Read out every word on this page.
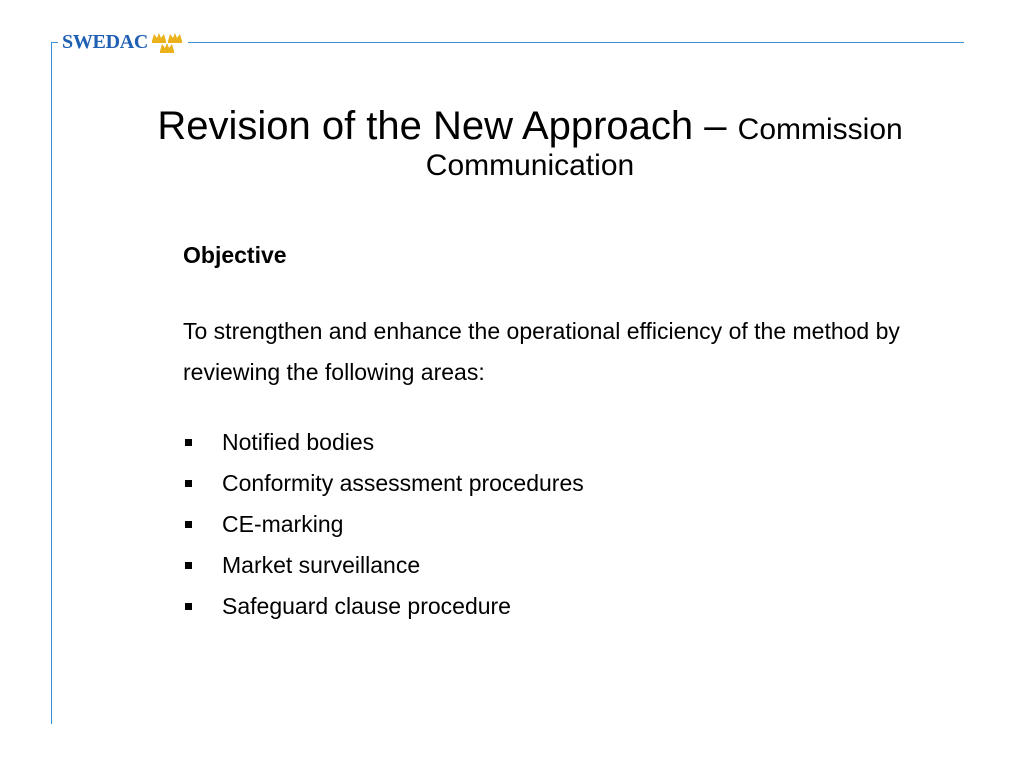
SWEDAC
Revision of the New Approach – Commission
Communication

Objective

To strengthen and enhance the operational efficiency of the method by reviewing the following areas:

Notified bodies
Conformity assessment procedures
CE-marking
Market surveillance
Safeguard clause procedure
